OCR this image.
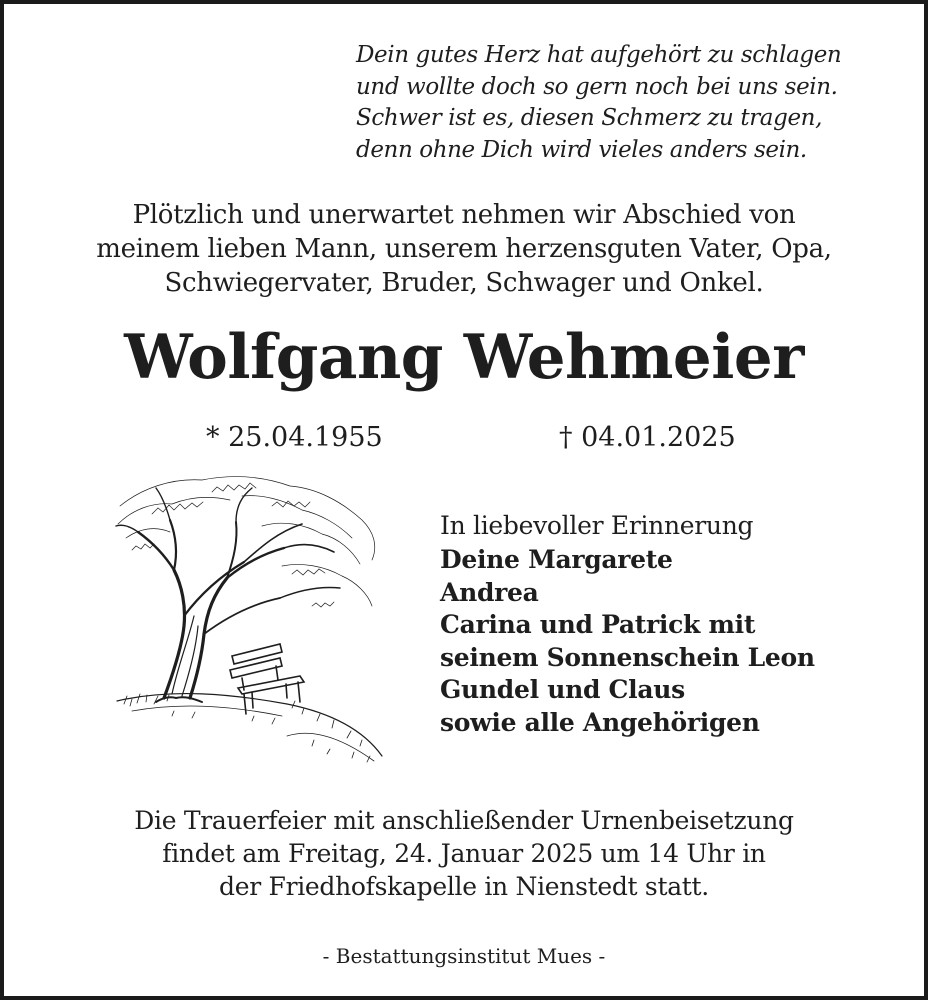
Dein gutes Herz hat aufgehört zu schlagen
und wollte doch so gern noch bei uns sein.
Schwer ist es, diesen Schmerz zu tragen,
denn ohne Dich wird vieles anders sein.
Plötzlich und unerwartet nehmen wir Abschied von
meinem lieben Mann, unserem herzensguten Vater, Opa,
Schwiegervater, Bruder, Schwager und Onkel.
Wolfgang Wehmeier
* 25.04.1955	† 04.01.2025
In liebevoller Erinnerung
Deine Margarete
Andrea
Carina und Patrick mit
seinem Sonnenschein Leon
Gundel und Claus
sowie alle Angehörigen
Die Trauerfeier mit anschließender Urnenbeisetzung
findet am Freitag, 24. Januar 2025 um 14 Uhr in
der Friedhofskapelle in Nienstedt statt.
- Bestattungsinstitut Mues -
